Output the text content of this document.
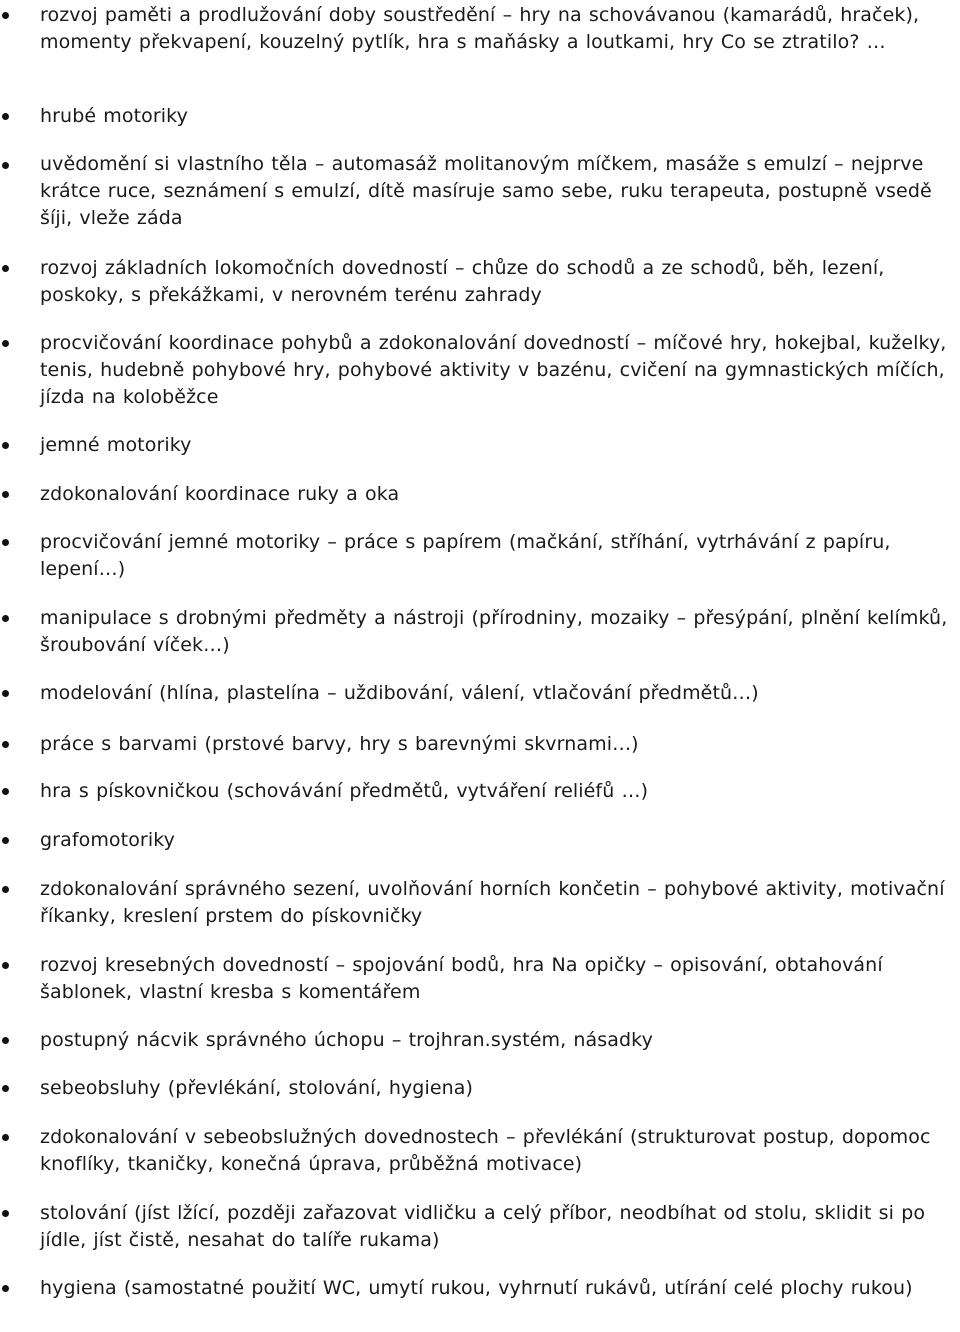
rozvoj paměti a prodlužování doby soustředění – hry na schovávanou (kamarádů, hraček), momenty překvapení, kouzelný pytlík, hra s maňásky a loutkami, hry Co se ztratilo? …
hrubé motoriky
uvědomění si vlastního těla – automasáž molitanovým míčkem, masáže s emulzí – nejprve krátce ruce, seznámení s emulzí, dítě masíruje samo sebe, ruku terapeuta, postupně vsedě šíji, vleže záda
rozvoj základních lokomočních dovedností – chůze do schodů a ze schodů, běh, lezení, poskoky, s překážkami, v nerovném terénu zahrady
procvičování koordinace pohybů a zdokonalování dovedností – míčové hry, hokejbal, kuželky, tenis, hudebně pohybové hry, pohybové aktivity v bazénu, cvičení na gymnastických míčích, jízda na koloběžce
jemné motoriky
zdokonalování koordinace ruky a oka
procvičování jemné motoriky – práce s papírem (mačkání, stříhání, vytrhávání z papíru, lepení…)
manipulace s drobnými předměty a nástroji (přírodniny, mozaiky – přesýpání, plnění kelímků, šroubování víček…)
modelování (hlína, plastelína – uždibování, válení, vtlačování předmětů…)
práce s barvami (prstové barvy, hry s barevnými skvrnami…)
hra s pískovničkou (schovávání předmětů, vytváření reliéfů …)
grafomotoriky
zdokonalování správného sezení, uvolňování horních končetin – pohybové aktivity, motivační říkanky, kreslení prstem do pískovničky
rozvoj kresebných dovedností – spojování bodů, hra Na opičky – opisování, obtahování šablonek, vlastní kresba s komentářem
postupný nácvik správného úchopu – trojhran.systém, násadky
sebeobsluhy (převlékání, stolování, hygiena)
zdokonalování v sebeobslužných dovednostech – převlékání (strukturovat postup, dopomoc knoflíky, tkaničky, konečná úprava, průběžná motivace)
stolování (jíst lžící, později zařazovat vidličku a celý příbor, neodbíhat od stolu, sklidit si po jídle, jíst čistě, nesahat do talíře rukama)
hygiena (samostatné použití WC, umytí rukou, vyhrnutí rukávů, utírání celé plochy rukou)
